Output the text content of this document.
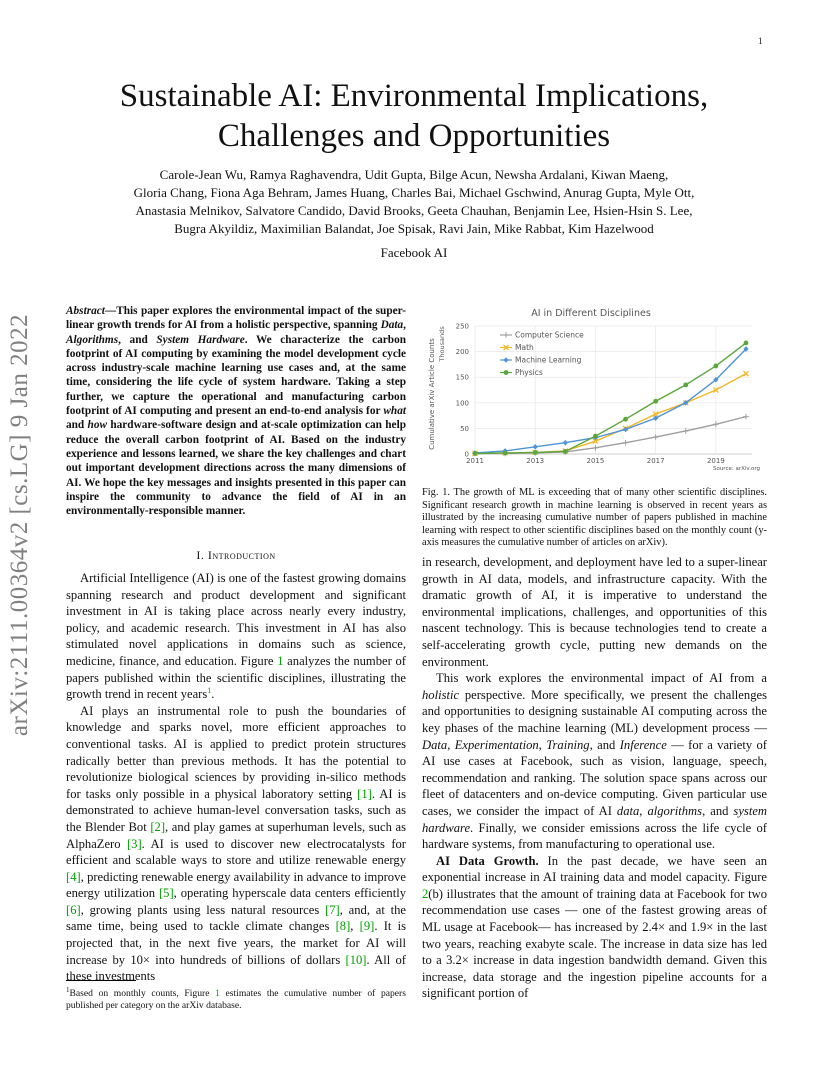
1
arXiv:2111.00364v2 [cs.LG] 9 Jan 2022
Sustainable AI: Environmental Implications,
Challenges and Opportunities
Carole-Jean Wu, Ramya Raghavendra, Udit Gupta, Bilge Acun, Newsha Ardalani, Kiwan Maeng,
Gloria Chang, Fiona Aga Behram, James Huang, Charles Bai, Michael Gschwind, Anurag Gupta, Myle Ott,
Anastasia Melnikov, Salvatore Candido, David Brooks, Geeta Chauhan, Benjamin Lee, Hsien-Hsin S. Lee,
Bugra Akyildiz, Maximilian Balandat, Joe Spisak, Ravi Jain, Mike Rabbat, Kim Hazelwood
Facebook AI
Abstract—This paper explores the environmental impact of the super-linear growth trends for AI from a holistic perspective, spanning Data, Algorithms, and System Hardware. We characterize the carbon footprint of AI computing by examining the model development cycle across industry-scale machine learning use cases and, at the same time, considering the life cycle of system hardware. Taking a step further, we capture the operational and manufacturing carbon footprint of AI computing and present an end-to-end analysis for what and how hardware-software design and at-scale optimization can help reduce the overall carbon footprint of AI. Based on the industry experience and lessons learned, we share the key challenges and chart out important development directions across the many dimensions of AI. We hope the key messages and insights presented in this paper can inspire the community to advance the field of AI in an environmentally-responsible manner.
I. Introduction

Artificial Intelligence (AI) is one of the fastest growing domains spanning research and product development and significant investment in AI is taking place across nearly every industry, policy, and academic research. This investment in AI has also stimulated novel applications in domains such as science, medicine, finance, and education. Figure 1 analyzes the number of papers published within the scientific disciplines, illustrating the growth trend in recent years$^1$.

AI plays an instrumental role to push the boundaries of knowledge and sparks novel, more efficient approaches to conventional tasks. AI is applied to predict protein structures radically better than previous methods. It has the potential to revolutionize biological sciences by providing in-silico methods for tasks only possible in a physical laboratory setting [1]. AI is demonstrated to achieve human-level conversation tasks, such as the Blender Bot [2], and play games at superhuman levels, such as AlphaZero [3]. AI is used to discover new electrocatalysts for efficient and scalable ways to store and utilize renewable energy [4], predicting renewable energy availability in advance to improve energy utilization [5], operating hyperscale data centers efficiently [6], growing plants using less natural resources [7], and, at the same time, being used to tackle climate changes [8], [9]. It is projected that, in the next five years, the market for AI will increase by 10× into hundreds of billions of dollars [10]. All of these investments

$^1$Based on monthly counts, Figure 1 estimates the cumulative number of papers published per category on the arXiv database.
AI in Different Disciplines
0
50
100
150
200
250
2011	2013	2015	2017	2019
Cumulative arXiv Article Counts Thousands	Computer Science
Math
Machine Learning
Physics
Source: arXiv.org
Fig. 1. The growth of ML is exceeding that of many other scientific disciplines. Significant research growth in machine learning is observed in recent years as illustrated by the increasing cumulative number of papers published in machine learning with respect to other scientific disciplines based on the monthly count (y-axis measures the cumulative number of articles on arXiv).

in research, development, and deployment have led to a super-linear growth in AI data, models, and infrastructure capacity. With the dramatic growth of AI, it is imperative to understand the environmental implications, challenges, and opportunities of this nascent technology. This is because technologies tend to create a self-accelerating growth cycle, putting new demands on the environment.

This work explores the environmental impact of AI from a holistic perspective. More specifically, we present the challenges and opportunities to designing sustainable AI computing across the key phases of the machine learning (ML) development process — Data, Experimentation, Training, and Inference — for a variety of AI use cases at Facebook, such as vision, language, speech, recommendation and ranking. The solution space spans across our fleet of datacenters and on-device computing. Given particular use cases, we consider the impact of AI data, algorithms, and system hardware. Finally, we consider emissions across the life cycle of hardware systems, from manufacturing to operational use.

AI Data Growth. In the past decade, we have seen an exponential increase in AI training data and model capacity. Figure 2(b) illustrates that the amount of training data at Facebook for two recommendation use cases — one of the fastest growing areas of ML usage at Facebook— has increased by 2.4× and 1.9× in the last two years, reaching exabyte scale. The increase in data size has led to a 3.2× increase in data ingestion bandwidth demand. Given this increase, data storage and the ingestion pipeline accounts for a significant portion of
